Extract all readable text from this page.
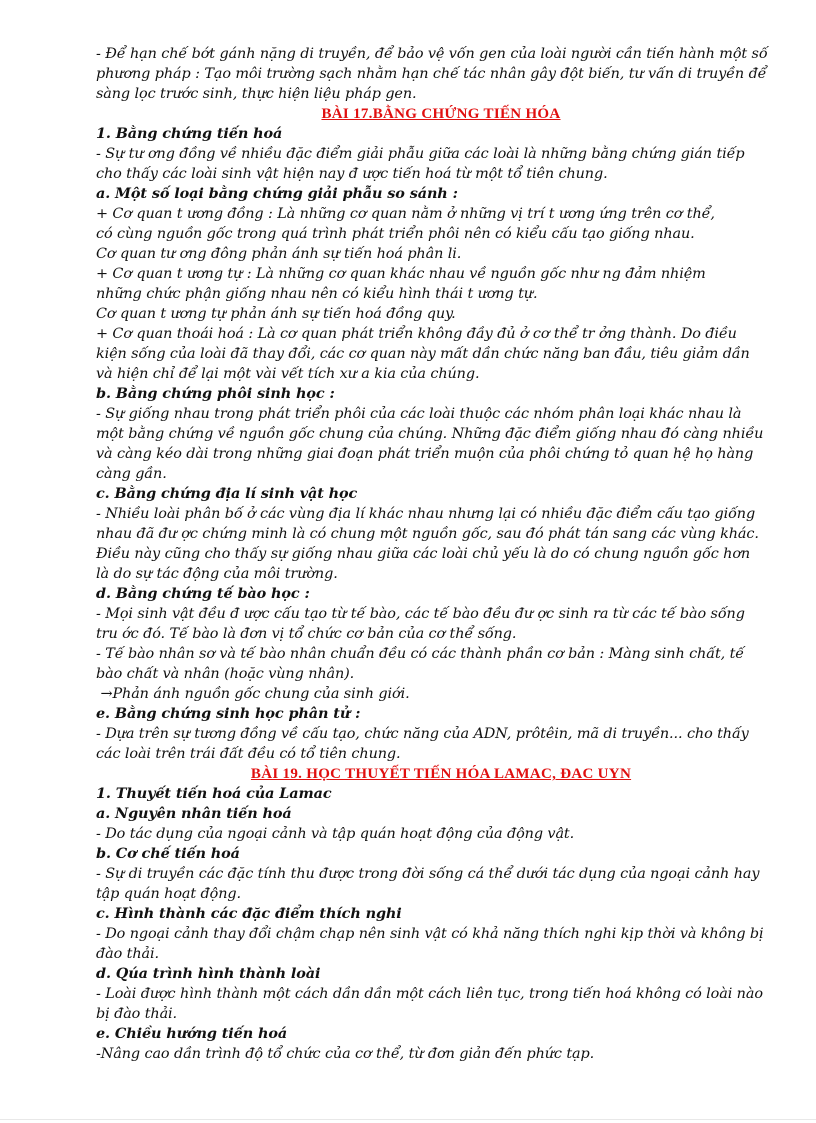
- Để hạn chế bớt gánh nặng di truyền, để bảo vệ vốn gen của loài người cần tiến hành một số

phương pháp : Tạo môi trường sạch nhằm hạn chế tác nhân gây đột biến, tư vấn di truyền để

sàng lọc trước sinh, thực hiện liệu pháp gen.

BÀI 17.BẰNG CHỨNG TIẾN HÓA

1. Bằng chứng tiến hoá

- Sự tư ơng đồng về nhiều đặc điểm giải phẫu giữa các loài là những bằng chứng gián tiếp

cho thấy các loài sinh vật hiện nay đ ược tiến hoá từ một tổ tiên chung.

a. Một số loại bằng chứng giải phẫu so sánh :

+ Cơ quan t ương đồng : Là những cơ quan nằm ở những vị trí t ương ứng trên cơ thể,

có cùng nguồn gốc trong quá trình phát triển phôi nên có kiểu cấu tạo giống nhau.

Cơ quan tư ơng đông phản ánh sự tiến hoá phân li.

+ Cơ quan t ương tự : Là những cơ quan khác nhau về nguồn gốc như ng đảm nhiệm

những chức phận giống nhau nên có kiểu hình thái t ương tự.

Cơ quan t ương tự phản ánh sự tiến hoá đồng quy.

+ Cơ quan thoái hoá : Là cơ quan phát triển không đầy đủ ở cơ thể tr ởng thành. Do điều

kiện sống của loài đã thay đổi, các cơ quan này mất dần chức năng ban đầu, tiêu giảm dần

và hiện chỉ để lại một vài vết tích xư a kia của chúng.

b. Bằng chứng phôi sinh học :

- Sự giống nhau trong phát triển phôi của các loài thuộc các nhóm phân loại khác nhau là

một bằng chứng về nguồn gốc chung của chúng. Những đặc điểm giống nhau đó càng nhiều

và càng kéo dài trong những giai đoạn phát triển muộn của phôi chứng tỏ quan hệ họ hàng

càng gần.

c. Bằng chứng địa lí sinh vật học

- Nhiều loài phân bố ở các vùng địa lí khác nhau nhưng lại có nhiều đặc điểm cấu tạo giống

nhau đã đư ợc chứng minh là có chung một nguồn gốc, sau đó phát tán sang các vùng khác.

Điều này cũng cho thấy sự giống nhau giữa các loài chủ yếu là do có chung nguồn gốc hơn

là do sự tác động của môi trường.

d. Bằng chứng tế bào học :

- Mọi sinh vật đều đ ược cấu tạo từ tế bào, các tế bào đều đư ợc sinh ra từ các tế bào sống

tru ớc đó. Tế bào là đơn vị tổ chức cơ bản của cơ thể sống.

- Tế bào nhân sơ và tế bào nhân chuẩn đều có các thành phần cơ bản : Màng sinh chất, tế

bào chất và nhân (hoặc vùng nhân).

→Phản ánh nguồn gốc chung của sinh giới.

e. Bằng chứng sinh học phân tử :

- Dựa trên sự tương đồng về cấu tạo, chức năng của ADN, prôtêin, mã di truyền... cho thấy

các loài trên trái đất đều có tổ tiên chung.

BÀI 19. HỌC THUYẾT TIẾN HÓA LAMAC, ĐAC UYN

1. Thuyết tiến hoá của Lamac

a. Nguyên nhân tiến hoá

- Do tác dụng của ngoại cảnh và tập quán hoạt động của động vật.

b. Cơ chế tiến hoá

- Sự di truyền các đặc tính thu được trong đời sống cá thể dưới tác dụng của ngoại cảnh hay

tập quán hoạt động.

c. Hình thành các đặc điểm thích nghi

- Do ngoại cảnh thay đổi chậm chạp nên sinh vật có khả năng thích nghi kịp thời và không bị

đào thải.

d. Qúa trình hình thành loài

- Loài được hình thành một cách dần dần một cách liên tục, trong tiến hoá không có loài nào

bị đào thải.

e. Chiều hướng tiến hoá

-Nâng cao dần trình độ tổ chức của cơ thể, từ đơn giản đến phức tạp.
